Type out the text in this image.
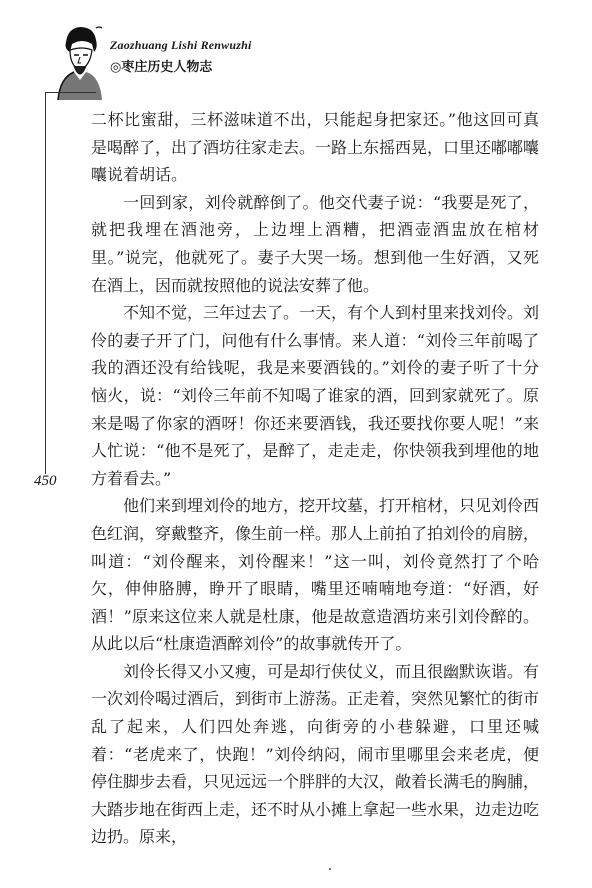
Zaozhuang Lishi Renwuzhi
◎枣庄历史人物志
450

二杯比蜜甜，三杯滋味道不出，只能起身把家还。”他这回可真是喝醉了，出了酒坊往家走去。一路上东摇西晃，口里还嘟嘟囔囔说着胡话。

一回到家，刘伶就醉倒了。他交代妻子说：“我要是死了，就把我埋在酒池旁，上边埋上酒糟，把酒壶酒盅放在棺材里。”说完，他就死了。妻子大哭一场。想到他一生好酒，又死在酒上，因而就按照他的说法安葬了他。

不知不觉，三年过去了。一天，有个人到村里来找刘伶。刘伶的妻子开了门，问他有什么事情。来人道：“刘伶三年前喝了我的酒还没有给钱呢，我是来要酒钱的。”刘伶的妻子听了十分恼火，说：“刘伶三年前不知喝了谁家的酒，回到家就死了。原来是喝了你家的酒呀！你还来要酒钱，我还要找你要人呢！”来人忙说：“他不是死了，是醉了，走走走，你快领我到埋他的地方着看去。”

他们来到埋刘伶的地方，挖开坟墓，打开棺材，只见刘伶西色红润，穿戴整齐，像生前一样。那人上前拍了拍刘伶的肩膀，叫道：“刘伶醒来，刘伶醒来！”这一叫，刘伶竟然打了个哈欠，伸伸胳膊，睁开了眼睛，嘴里还喃喃地夸道：“好酒，好酒！”原来这位来人就是杜康，他是故意造酒坊来引刘伶醉的。从此以后“杜康造酒醉刘伶”的故事就传开了。

刘伶长得又小又瘦，可是却行侠仗义，而且很幽默诙谐。有一次刘伶喝过酒后，到街市上游荡。正走着，突然见繁忙的街市乱了起来，人们四处奔逃，向街旁的小巷躲避，口里还喊着：“老虎来了，快跑！”刘伶纳闷，闹市里哪里会来老虎，便停住脚步去看，只见远远一个胖胖的大汉，敞着长满毛的胸脯，大踏步地在街西上走，还不时从小摊上拿起一些水果，边走边吃边扔。原来，
